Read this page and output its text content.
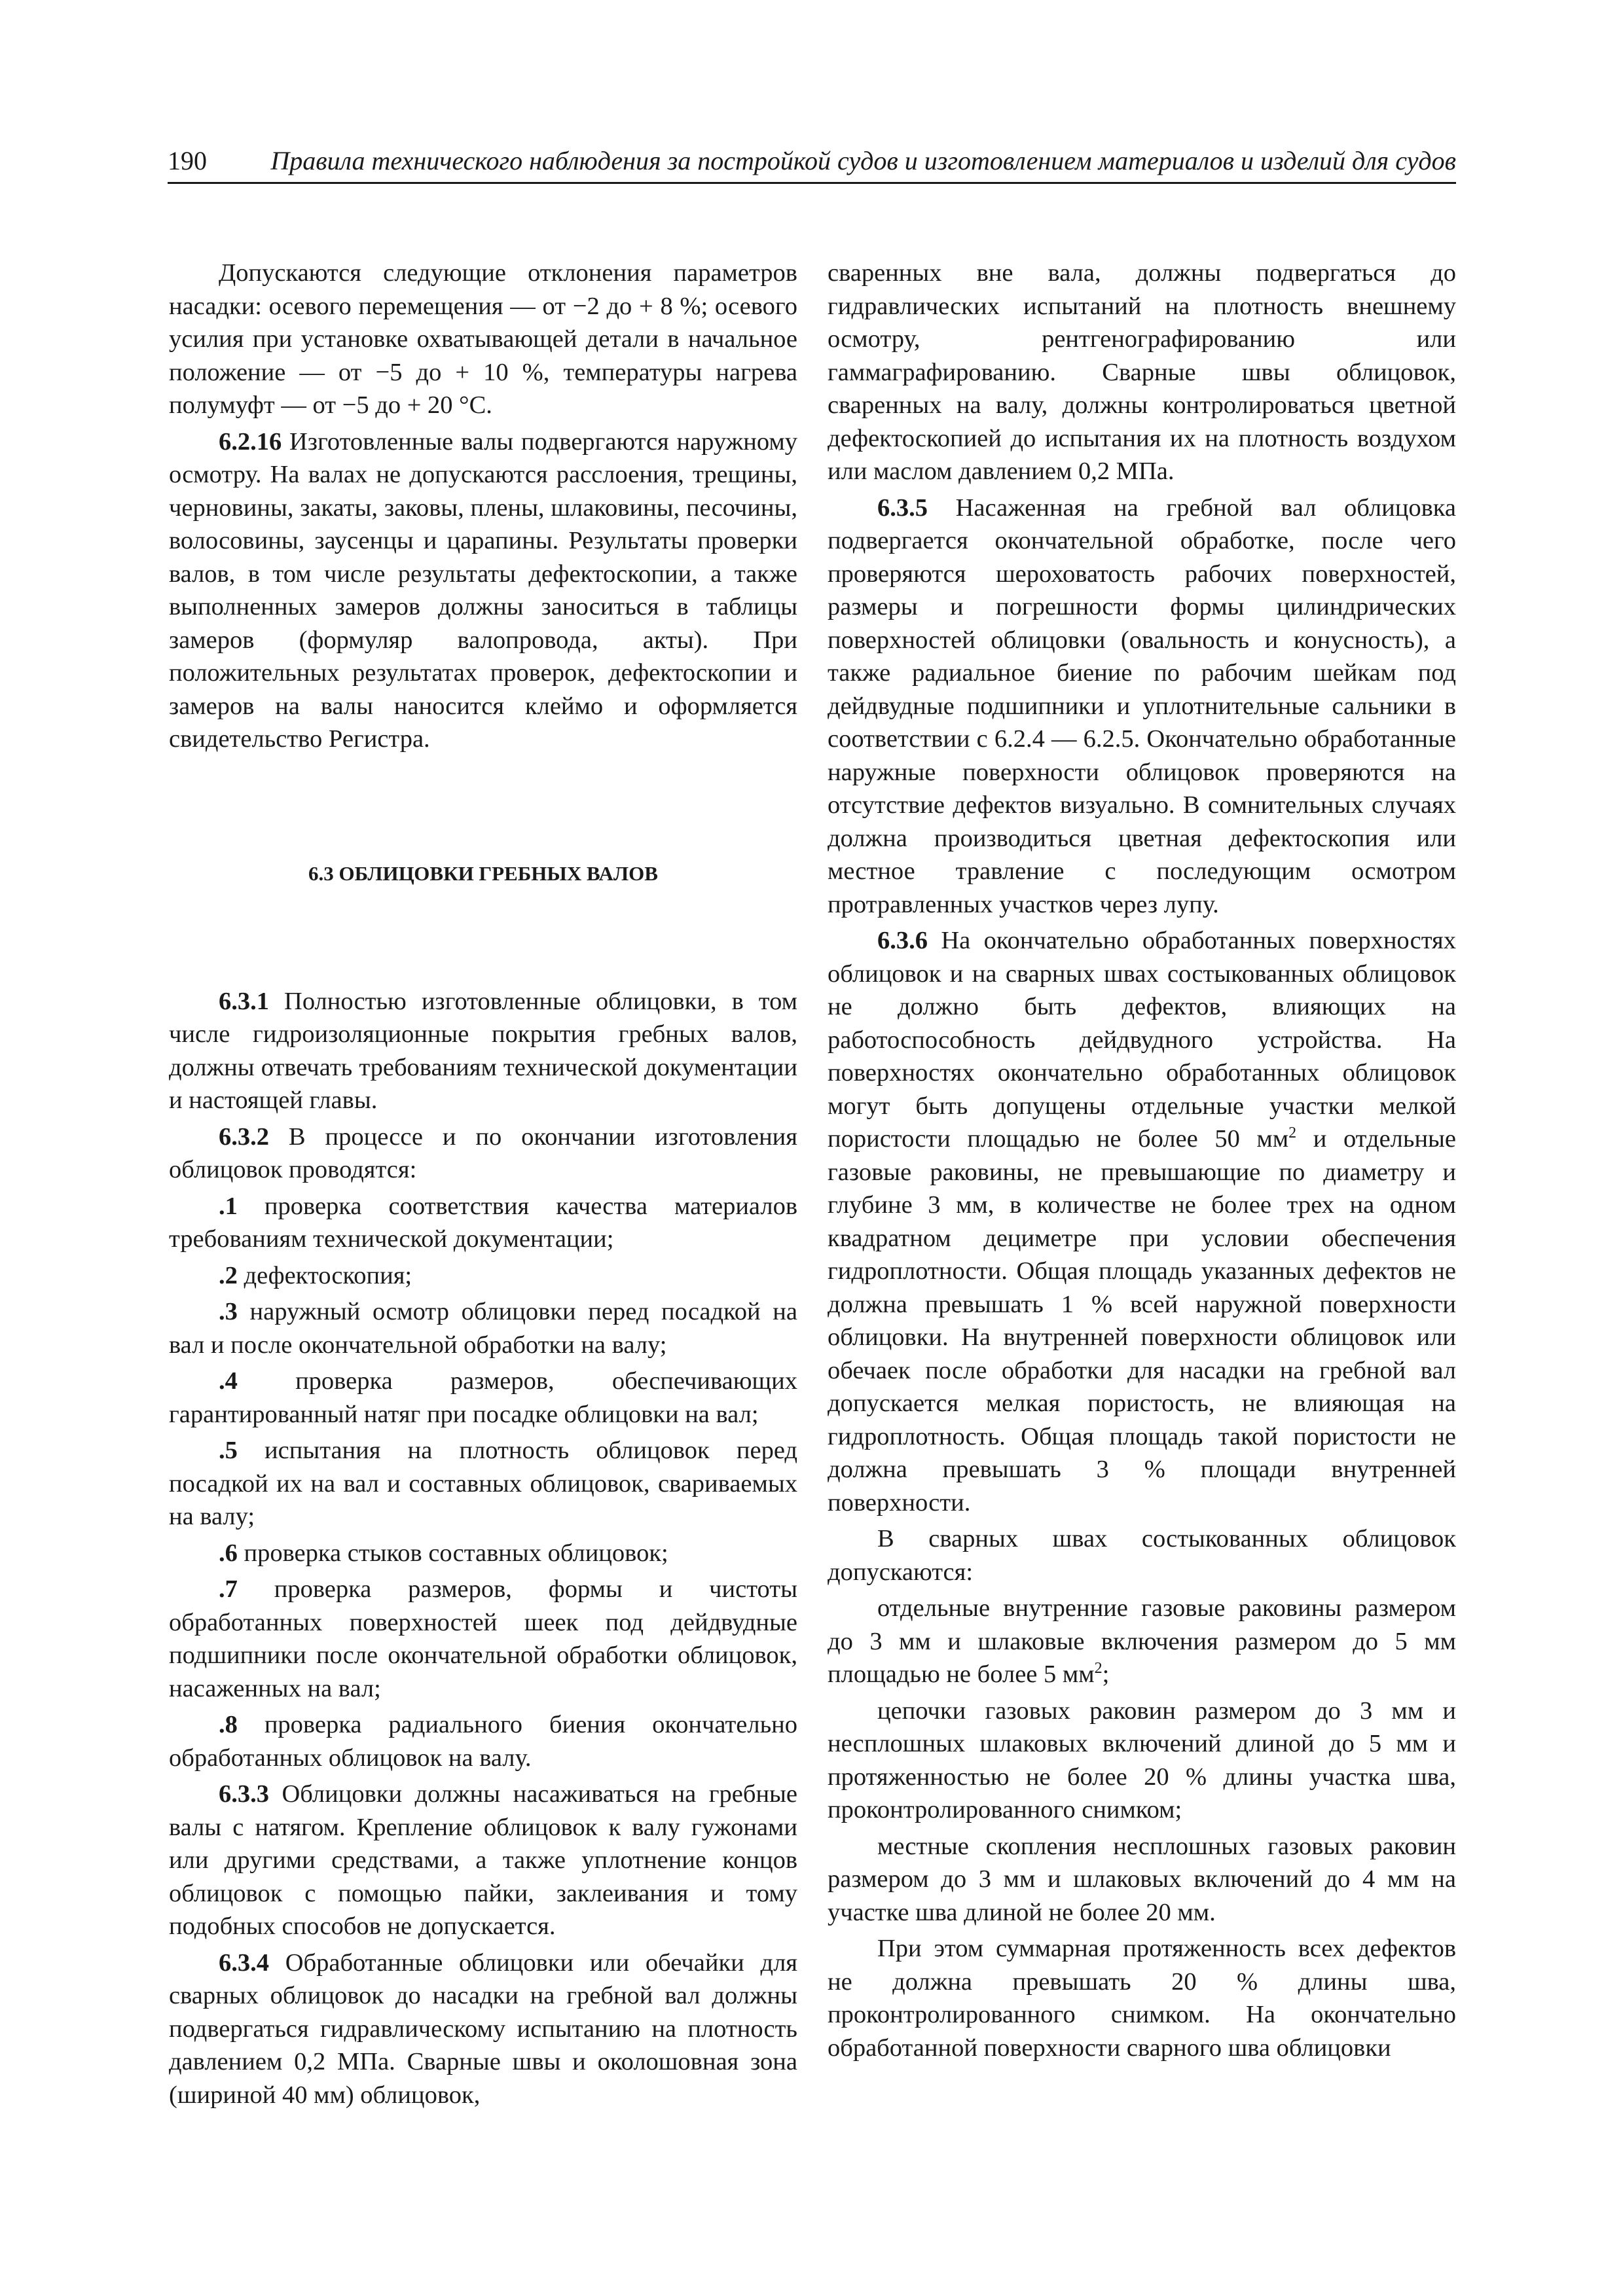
190 Правила технического наблюдения за постройкой судов и изготовлением материалов и изделий для судов

Допускаются следующие отклонения параметров насадки: осевого перемещения — от −2 до + 8 %; осевого усилия при установке охватывающей детали в начальное положение — от −5 до + 10 %, температуры нагрева полумуфт — от −5 до + 20 °С.

6.2.16 Изготовленные валы подвергаются наружному осмотру. На валах не допускаются расслоения, трещины, черновины, закаты, заковы, плены, шлаковины, песочины, волосовины, заусенцы и царапины. Результаты проверки валов, в том числе результаты дефектоскопии, а также выполненных замеров должны заноситься в таблицы замеров (формуляр валопровода, акты). При положительных результатах проверок, дефектоскопии и замеров на валы наносится клеймо и оформляется свидетельство Регистра.

6.3 ОБЛИЦОВКИ ГРЕБНЫХ ВАЛОВ

6.3.1 Полностью изготовленные облицовки, в том числе гидроизоляционные покрытия гребных валов, должны отвечать требованиям технической документации и настоящей главы.

6.3.2 В процессе и по окончании изготовления облицовок проводятся:

.1 проверка соответствия качества материалов требованиям технической документации;

.2 дефектоскопия;

.3 наружный осмотр облицовки перед посадкой на вал и после окончательной обработки на валу;

.4 проверка размеров, обеспечивающих гарантированный натяг при посадке облицовки на вал;

.5 испытания на плотность облицовок перед посадкой их на вал и составных облицовок, свариваемых на валу;

.6 проверка стыков составных облицовок;

.7 проверка размеров, формы и чистоты обработанных поверхностей шеек под дейдвудные подшипники после окончательной обработки облицовок, насаженных на вал;

.8 проверка радиального биения окончательно обработанных облицовок на валу.

6.3.3 Облицовки должны насаживаться на гребные валы с натягом. Крепление облицовок к валу гужонами или другими средствами, а также уплотнение концов облицовок с помощью пайки, заклеивания и тому подобных способов не допускается.

6.3.4 Обработанные облицовки или обечайки для сварных облицовок до насадки на гребной вал должны подвергаться гидравлическому испытанию на плотность давлением 0,2 МПа. Сварные швы и околошовная зона (шириной 40 мм) облицовок,

сваренных вне вала, должны подвергаться до гидравлических испытаний на плотность внешнему осмотру, рентгенографированию или гаммаграфированию. Сварные швы облицовок, сваренных на валу, должны контролироваться цветной дефектоскопией до испытания их на плотность воздухом или маслом давлением 0,2 МПа.

6.3.5 Насаженная на гребной вал облицовка подвергается окончательной обработке, после чего проверяются шероховатость рабочих поверхностей, размеры и погрешности формы цилиндрических поверхностей облицовки (овальность и конусность), а также радиальное биение по рабочим шейкам под дейдвудные подшипники и уплотнительные сальники в соответствии с 6.2.4 — 6.2.5. Окончательно обработанные наружные поверхности облицовок проверяются на отсутствие дефектов визуально. В сомнительных случаях должна производиться цветная дефектоскопия или местное травление с последующим осмотром протравленных участков через лупу.

6.3.6 На окончательно обработанных поверхностях облицовок и на сварных швах состыкованных облицовок не должно быть дефектов, влияющих на работоспособность дейдвудного устройства. На поверхностях окончательно обработанных облицовок могут быть допущены отдельные участки мелкой пористости площадью не более 50 $мм^2$ и отдельные газовые раковины, не превышающие по диаметру и глубине 3 мм, в количестве не более трех на одном квадратном дециметре при условии обеспечения гидроплотности. Общая площадь указанных дефектов не должна превышать 1 % всей наружной поверхности облицовки. На внутренней поверхности облицовок или обечаек после обработки для насадки на гребной вал допускается мелкая пористость, не влияющая на гидроплотность. Общая площадь такой пористости не должна превышать 3 % площади внутренней поверхности.

В сварных швах состыкованных облицовок допускаются:

отдельные внутренние газовые раковины размером до 3 мм и шлаковые включения размером до 5 мм площадью не более 5 $мм^2$;

цепочки газовых раковин размером до 3 мм и несплошных шлаковых включений длиной до 5 мм и протяженностью не более 20 % длины участка шва, проконтролированного снимком;

местные скопления несплошных газовых раковин размером до 3 мм и шлаковых включений до 4 мм на участке шва длиной не более 20 мм.

При этом суммарная протяженность всех дефектов не должна превышать 20 % длины шва, проконтролированного снимком. На окончательно обработанной поверхности сварного шва облицовки
